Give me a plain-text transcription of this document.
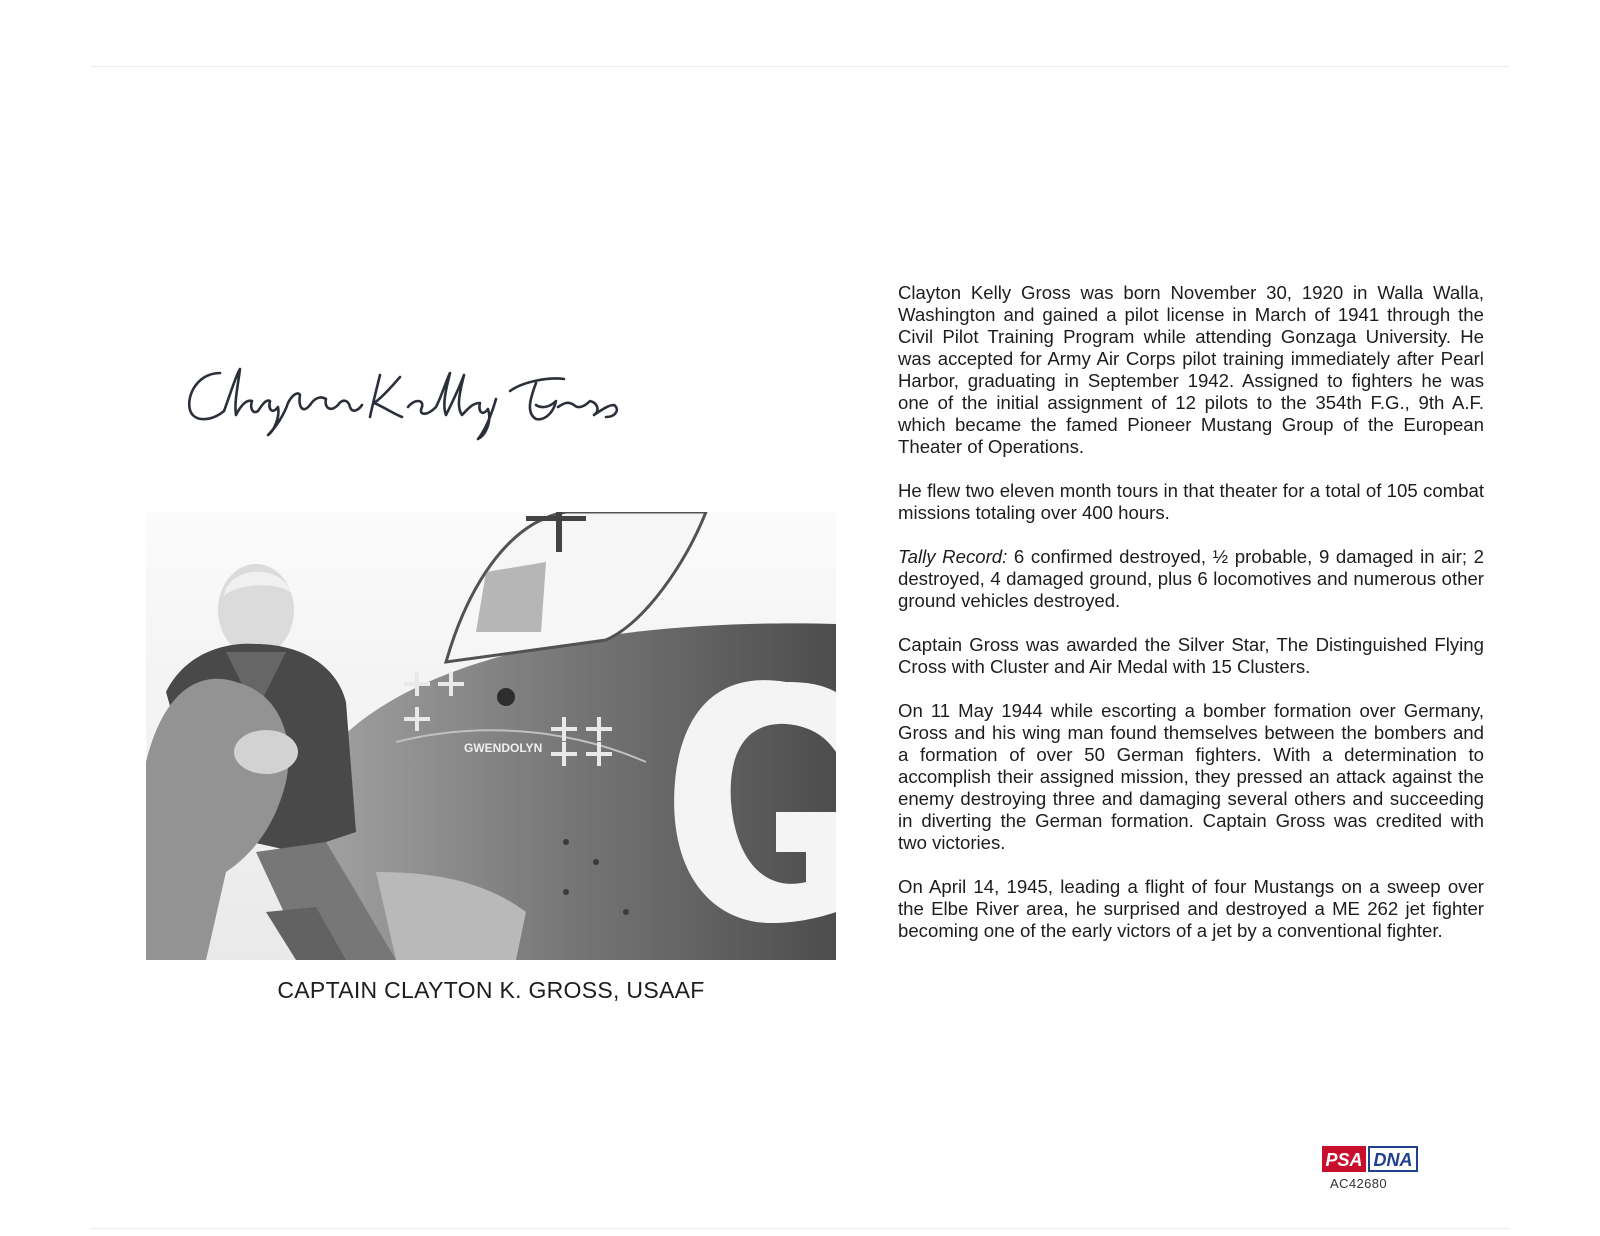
GWENDOLYN
CAPTAIN CLAYTON K. GROSS, USAAF

Clayton Kelly Gross was born November 30, 1920 in Walla Walla, Washington and gained a pilot license in March of 1941 through the Civil Pilot Training Program while attending Gonzaga University. He was accepted for Army Air Corps pilot training immediately after Pearl Harbor, graduating in September 1942. Assigned to fighters he was one of the initial assignment of 12 pilots to the 354th F.G., 9th A.F. which became the famed Pioneer Mustang Group of the European Theater of Operations.

He flew two eleven month tours in that theater for a total of 105 combat missions totaling over 400 hours.

Tally Record: 6 confirmed destroyed, ½ probable, 9 damaged in air; 2 destroyed, 4 damaged ground, plus 6 locomotives and numerous other ground vehicles destroyed.

Captain Gross was awarded the Silver Star, The Distinguished Flying Cross with Cluster and Air Medal with 15 Clusters.

On 11 May 1944 while escorting a bomber formation over Germany, Gross and his wing man found themselves between the bombers and a formation of over 50 German fighters. With a determination to accomplish their assigned mission, they pressed an attack against the enemy destroying three and damaging several others and succeeding in diverting the German formation. Captain Gross was credited with two victories.

On April 14, 1945, leading a flight of four Mustangs on a sweep over the Elbe River area, he surprised and destroyed a ME 262 jet fighter becoming one of the early victors of a jet by a conventional fighter.

PSA DNA
AC42680
